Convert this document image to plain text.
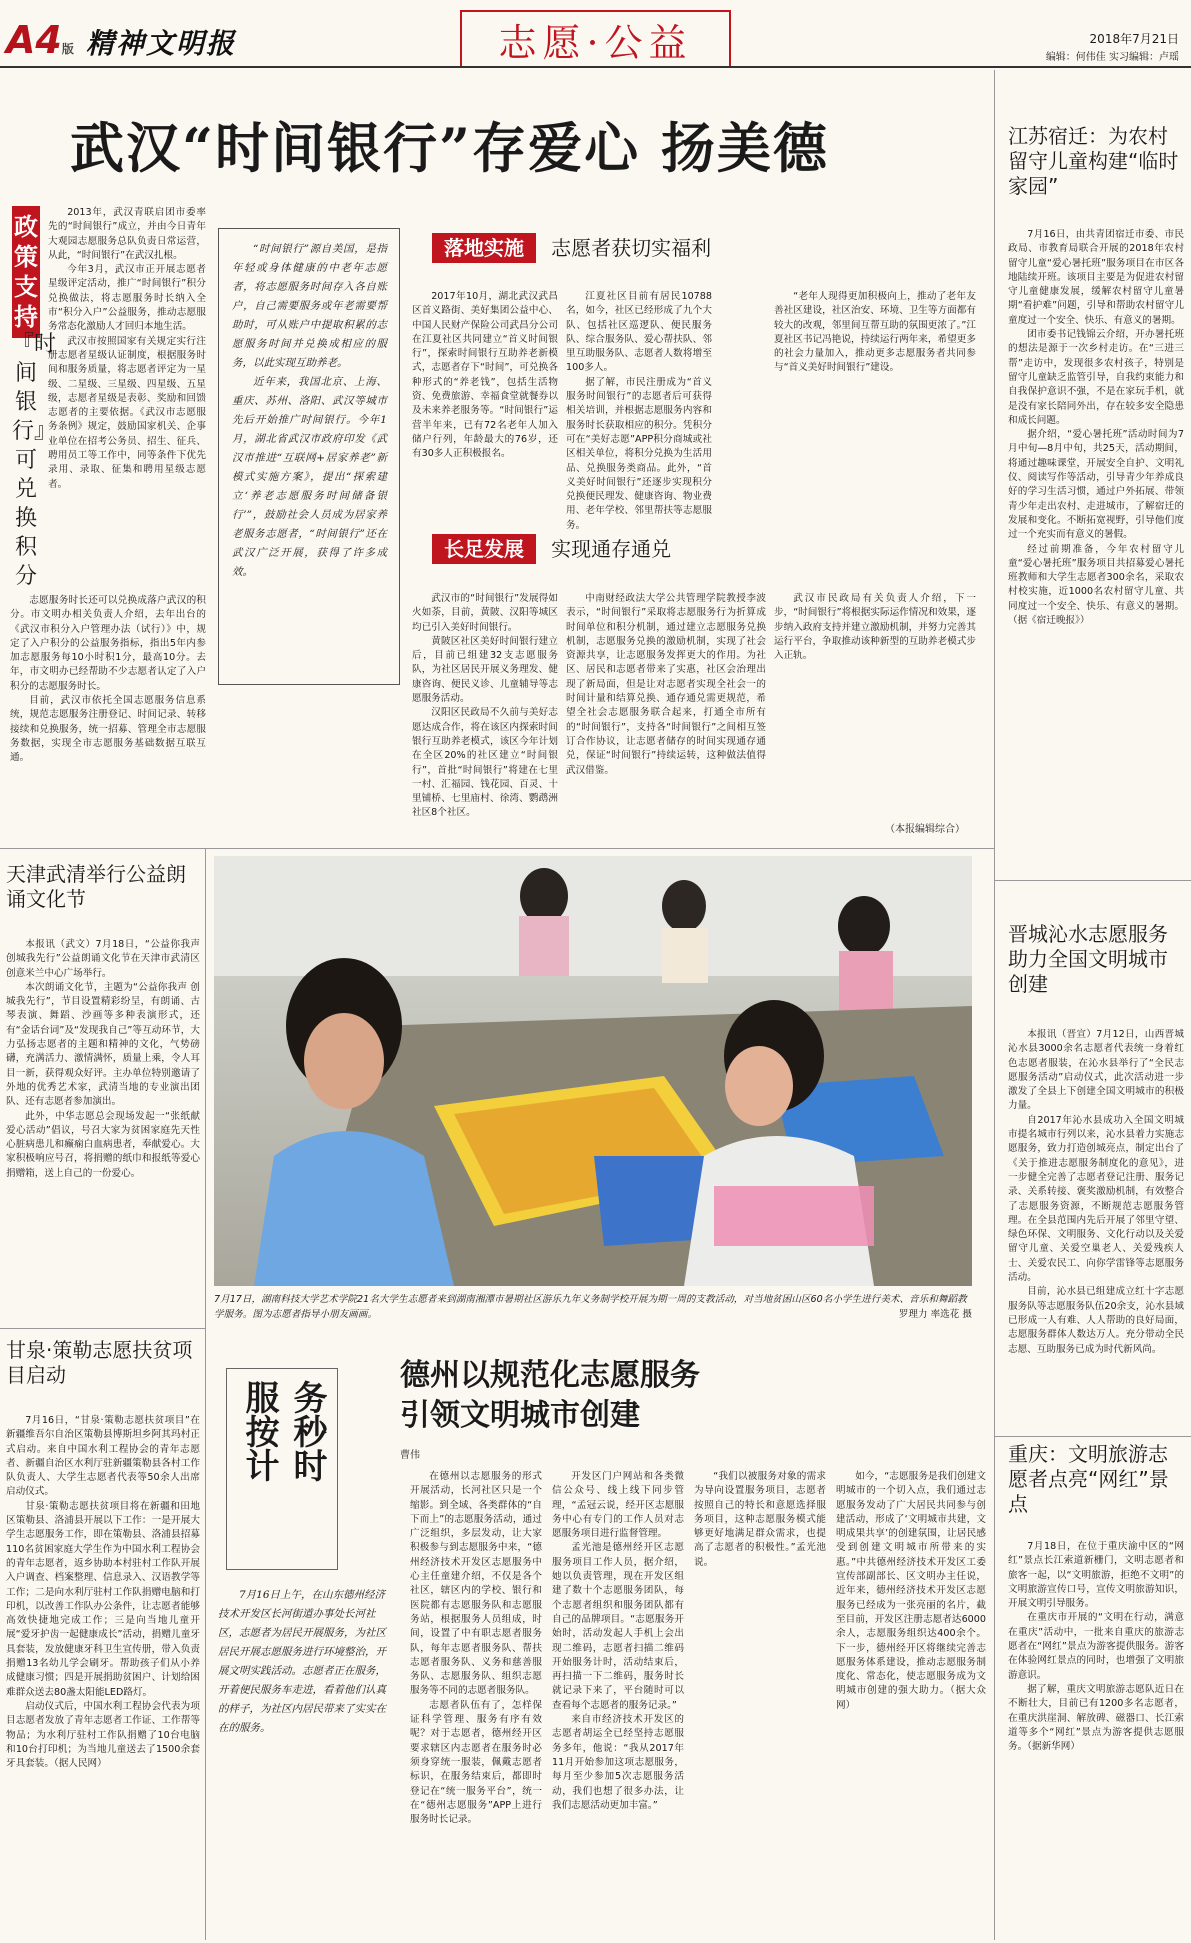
A4版 精神文明报	志愿·公益	2018年7月21日
编辑：何伟佳 实习编辑：卢瑶
武汉“时间银行”存爱心 扬美德
政策支持
『时间银行』可兑换积分

2013年，武汉青联启团市委率先的“时间银行”成立，并由今日青年大观园志愿服务总队负责日常运营，从此，“时间银行”在武汉扎根。

今年3月，武汉市正开展志愿者星级评定活动，推广“时间银行”积分兑换做法，将志愿服务时长纳入全市“积分入户”公益服务，推动志愿服务常态化激励人才回归本地生活。

武汉市按照国家有关规定实行注册志愿者星级认证制度，根据服务时间和服务质量，将志愿者评定为一星级、二星级、三星级、四星级、五星级，志愿者星级是表彰、奖励和回馈志愿者的主要依据。《武汉市志愿服务条例》规定，鼓励国家机关、企事业单位在招考公务员、招生、征兵、聘用员工等工作中，同等条件下优先录用、录取、征集和聘用星级志愿者。

志愿服务时长还可以兑换成落户武汉的积分。市文明办相关负责人介绍，去年出台的《武汉市积分入户管理办法（试行）》中，规定了入户积分的公益服务指标，指出5年内参加志愿服务每10小时积1分，最高10分。去年，市文明办已经帮助不少志愿者认定了入户积分的志愿服务时长。

目前，武汉市依托全国志愿服务信息系统，规范志愿服务注册登记、时间记录、转移接续和兑换服务，统一招募、管理全市志愿服务数据，实现全市志愿服务基础数据互联互通。

“时间银行”源自美国，是指年轻或身体健康的中老年志愿者，将志愿服务时间存入各自账户，自己需要服务或年老需要帮助时，可从账户中提取积累的志愿服务时间并兑换成相应的服务，以此实现互助养老。

近年来，我国北京、上海、重庆、苏州、洛阳、武汉等城市先后开始推广时间银行。今年1月，湖北省武汉市政府印发《武汉市推进“互联网+居家养老”新模式实施方案》，提出“探索建立‘养老志愿服务时间储备银行’”，鼓励社会人员成为居家养老服务志愿者，“时间银行”还在武汉广泛开展，获得了许多成效。

落地实施 志愿者获切实福利

2017年10月，湖北武汉武昌区首义路街、美好集团公益中心、中国人民财产保险公司武昌分公司在江夏社区共同建立“首义时间银行”，探索时间银行互助养老新模式，志愿者存下“时间”，可兑换各种形式的“养老钱”，包括生活物资、免费旅游、幸福食堂就餐券以及未来养老服务等。“时间银行”运营半年来，已有72名老年人加入储户行列，年龄最大的76岁，还有30多人正积极报名。

江夏社区目前有居民10788名，如今，社区已经形成了九个大队、包括社区巡逻队、便民服务队、综合服务队、爱心帮扶队、邻里互助服务队、志愿者人数将增至100多人。

据了解，市民注册成为“首义服务时间银行”的志愿者后可获得相关培训，并根据志愿服务内容和服务时长获取相应的积分。凭积分可在“美好志愿”APP积分商城或社区相关单位，将积分兑换为生活用品、兑换服务类商品。此外，“首义美好时间银行”还逐步实现积分兑换便民理发、健康咨询、物业费用、老年学校、邻里帮扶等志愿服务。

“老年人现得更加积极向上，推动了老年友善社区建设，社区治安、环境、卫生等方面都有较大的改观，邻里间互帮互助的氛围更浓了。”江夏社区书记冯艳说，持续运行两年来，希望更多的社会力量加入，推动更多志愿服务者共同参与“首义美好时间银行”建设。

长足发展 实现通存通兑

武汉市的“时间银行”发展得如火如荼，目前，黄陂、汉阳等城区均已引入美好时间银行。

黄陂区社区美好时间银行建立后，目前已组建32支志愿服务队，为社区居民开展义务理发、健康咨询、便民义诊、儿童辅导等志愿服务活动。

汉阳区民政局不久前与美好志愿达成合作，将在该区内探索时间银行互助养老模式，该区今年计划在全区20%的社区建立“时间银行”，首批“时间银行”将建在七里一村、汇福园、钱花园、百灵、十里铺桥、七里庙村、徐湾、鹦鹉洲社区8个社区。

中南财经政法大学公共管理学院教授李波表示，“时间银行”采取将志愿服务行为折算成时间单位和积分机制，通过建立志愿服务兑换机制，志愿服务兑换的激励机制，实现了社会资源共享，让志愿服务发挥更大的作用。为社区、居民和志愿者带来了实惠，社区会治理出现了新局面，但是让对志愿者实现全社会一的时间计量和结算兑换、通存通兑需更规范，希望全社会志愿服务联合起来，打通全市所有的“时间银行”，支持各“时间银行”之间相互签订合作协议，让志愿者储存的时间实现通存通兑，保证“时间银行”持续运转，这种做法值得武汉借鉴。

武汉市民政局有关负责人介绍，下一步，“时间银行”将根据实际运作情况和效果，逐步纳入政府支持并建立激励机制，并努力完善其运行平台，争取推动该种新型的互助养老模式步入正轨。

（本报编辑综合）
江苏宿迁：为农村留守儿童构建“临时家园”

7月16日，由共青团宿迁市委、市民政局、市教育局联合开展的2018年农村留守儿童“爱心暑托班”服务项目在市区各地陆续开班。该项目主要是为促进农村留守儿童健康发展，缓解农村留守儿童暑期“看护难”问题，引导和帮助农村留守儿童度过一个安全、快乐、有意义的暑期。

团市委书记钱锦云介绍，开办暑托班的想法是源于一次乡村走访。在“三进三帮”走访中，发现很多农村孩子，特别是留守儿童缺乏监管引导，自我约束能力和自我保护意识不强，不是在家玩手机，就是没有家长陪同外出，存在较多安全隐患和成长问题。

据介绍，“爱心暑托班”活动时间为7月中旬—8月中旬，共25天，活动期间，将通过趣味课堂，开展安全自护、文明礼仪、阅读写作等活动，引导青少年养成良好的学习生活习惯，通过户外拓展、带领青少年走出农村、走进城市，了解宿迁的发展和变化。不断拓宽视野，引导他们度过一个充实而有意义的暑假。

经过前期准备，今年农村留守儿童“爱心暑托班”服务项目共招募爱心暑托班教师和大学生志愿者300余名，采取农村校实施，近1000名农村留守儿童、共同度过一个安全、快乐、有意义的暑期。（据《宿迁晚报》）

晋城沁水志愿服务助力全国文明城市创建

本报讯（晋宣）7月12日，山西晋城沁水县3000余名志愿者代表统一身着红色志愿者服装，在沁水县举行了“全民志愿服务活动”启动仪式，此次活动进一步激发了全县上下创建全国文明城市的积极力量。

自2017年沁水县成功入全国文明城市提名城市行列以来，沁水县着力实施志愿服务，致力打造创城亮点，制定出台了《关于推进志愿服务制度化的意见》，进一步健全完善了志愿者登记注册、服务记录、关系转接、褒奖激励机制，有效整合了志愿服务资源，不断规范志愿服务管理。在全县范围内先后开展了邻里守望、绿色环保、文明服务、文化行动以及关爱留守儿童、关爱空巢老人、关爱残疾人士、关爱农民工、向你学雷锋等志愿服务活动。

目前，沁水县已组建成立红十字志愿服务队等志愿服务队伍20余支，沁水县域已形成一人有难、人人帮助的良好局面，志愿服务群体人数达万人。充分带动全民志愿、互助服务已成为时代新风尚。

重庆：文明旅游志愿者点亮“网红”景点

7月18日，在位于重庆渝中区的“网红”景点长江索道新栅门，文明志愿者和旅客一起，以“文明旅游，拒绝不文明”的文明旅游宣传口号，宣传文明旅游知识，开展文明引导服务。

在重庆市开展的“文明在行动，满意在重庆”活动中，一批来自重庆的旅游志愿者在“网红”景点为游客提供服务。游客在体验网红景点的同时，也增强了文明旅游意识。

据了解，重庆文明旅游志愿队近日在不断壮大，目前已有1200多名志愿者，在重庆洪崖洞、解放碑、磁器口、长江索道等多个“网红”景点为游客提供志愿服务。（据新华网）

天津武清举行公益朗诵文化节

本报讯（武文）7月18日，“公益你我声 创城我先行”公益朗诵文化节在天津市武清区创意米兰中心广场举行。

本次朗诵文化节，主题为“公益你我声 创城我先行”，节目设置精彩纷呈，有朗诵、古琴表演、舞蹈、沙画等多种表演形式，还有“金话台词”及“发现我自己”等互动环节，大力弘扬志愿者的主题和精神的文化，气势磅礴，充满活力、激情满怀，质量上乘，令人耳目一新，获得观众好评。主办单位特别邀请了外地的优秀艺术家，武清当地的专业演出团队、还有志愿者参加演出。

此外，中华志愿总会现场发起一“张纸献爱心活动”倡议，号召大家为贫困家庭先天性心脏病患儿和癫痫白血病患者，奉献爱心。大家积极响应号召，将捐赠的纸巾和报纸等爱心捐赠箱，送上自己的一份爱心。

甘泉·策勒志愿扶贫项目启动

7月16日，“甘泉·策勒志愿扶贫项目”在新疆维吾尔自治区策勒县博斯坦乡阿其玛村正式启动。来自中国水利工程协会的青年志愿者、新疆自治区水利厅驻新疆策勒县各村工作队负责人、大学生志愿者代表等50余人出席启动仪式。

甘泉·策勒志愿扶贫项目将在新疆和田地区策勒县、洛浦县开展以下工作：一是开展大学生志愿服务工作，即在策勒县、洛浦县招募110名贫困家庭大学生作为中国水利工程协会的青年志愿者，返乡协助本村驻村工作队开展入户调查、档案整理、信息录入、汉语教学等工作；二是向水利厅驻村工作队捐赠电脑和打印机，以改善工作队办公条件，让志愿者能够高效快捷地完成工作；三是向当地儿童开展“爱牙护齿一起健康成长”活动，捐赠儿童牙具套装，发放健康牙科卫生宣传册，带入负责捐赠13名幼儿学会刷牙。帮助孩子们从小养成健康习惯；四是开展捐助贫困户、计划给困难群众送去80盏太阳能LED路灯。

启动仪式后，中国水利工程协会代表为项目志愿者发放了青年志愿者工作证、工作帮等物品；为水利厅驻村工作队捐赠了10台电脑和10台打印机；为当地儿童送去了1500余套牙具套装。（据人民网）

7月17日，湖南科技大学艺术学院21名大学生志愿者来到湖南湘潭市暑期社区游乐九年义务制学校开展为期一周的支教活动，对当地贫困山区60名小学生进行美术、音乐和舞蹈教学服务。图为志愿者指导小朋友画画。	罗理力 率选花 摄
服按计 务秒时
德州以规范化志愿服务
引领文明城市创建
曹伟
7月16日上午，在山东德州经济技术开发区长河街道办事处长河社区，志愿者为居民开展服务，为社区居民开展志愿服务进行环境整治，开展文明实践活动。志愿者正在服务，开着便民服务车走进，看着他们认真的样子，为社区内居民带来了实实在在的服务。

在德州以志愿服务的形式开展活动，长河社区只是一个缩影。到全域、各类群体的“自下而上”的志愿服务活动，通过广泛组织，多层发动，让大家积极参与到志愿服务中来，“德州经济技术开发区志愿服务中心主任童建介绍，不仅是各个社区，辖区内的学校、银行和医院都有志愿服务队和志愿服务站，根据服务人员组成，时间，设置了中有职志愿者服务队，每年志愿者服务队、帮扶志愿者服务队、义务和慈善服务队、志愿服务队、组织志愿服务等不同的志愿者服务队。

志愿者队伍有了，怎样保证科学管理、服务有序有效呢？对于志愿者，德州经开区要求辖区内志愿者在服务时必须身穿统一服装，佩戴志愿者标识，在服务结束后，都即时登记在“统一服务平台”，统一在“德州志愿服务”APP上进行服务时长记录。

开发区门户网站和各类微信公众号、线上线下同步管理，“孟冠云说，经开区志愿服务中心有专门的工作人员对志愿服务项目进行监督管理。

孟光池是德州经开区志愿服务项目工作人员，据介绍，她以负责管理，现在开发区组建了数十个志愿服务团队，每个志愿者组织和服务团队都有自己的品牌项目。“志愿服务开始时，活动发起人手机上会出现二维码，志愿者扫描二维码开始服务计时，活动结束后，再扫描一下二维码，服务时长就记录下来了，平台随时可以查看每个志愿者的服务记录。”

来自市经济技术开发区的志愿者胡运全已经坚持志愿服务多年，他说：“我从2017年11月开始参加这项志愿服务，每月至少参加5次志愿服务活动，我们也想了很多办法，让我们志愿活动更加丰富。”

“我们以被服务对象的需求为导向设置服务项目，志愿者按照自己的特长和意愿选择服务项目，这种志愿服务模式能够更好地满足群众需求，也提高了志愿者的积极性。”孟光池说。

如今，“志愿服务是我们创建文明城市的一个切入点，我们通过志愿服务发动了广大居民共同参与创建活动，形成了‘文明城市共建，文明成果共享’的创建氛围，让居民感受到创建文明城市所带来的实惠。”中共德州经济技术开发区工委宣传部副部长、区文明办主任说，近年来，德州经济技术开发区志愿服务已经成为一张亮丽的名片，截至目前，开发区注册志愿者达6000余人，志愿服务组织达400余个。下一步，德州经开区将继续完善志愿服务体系建设，推动志愿服务制度化、常态化，使志愿服务成为文明城市创建的强大助力。（据大众网）
